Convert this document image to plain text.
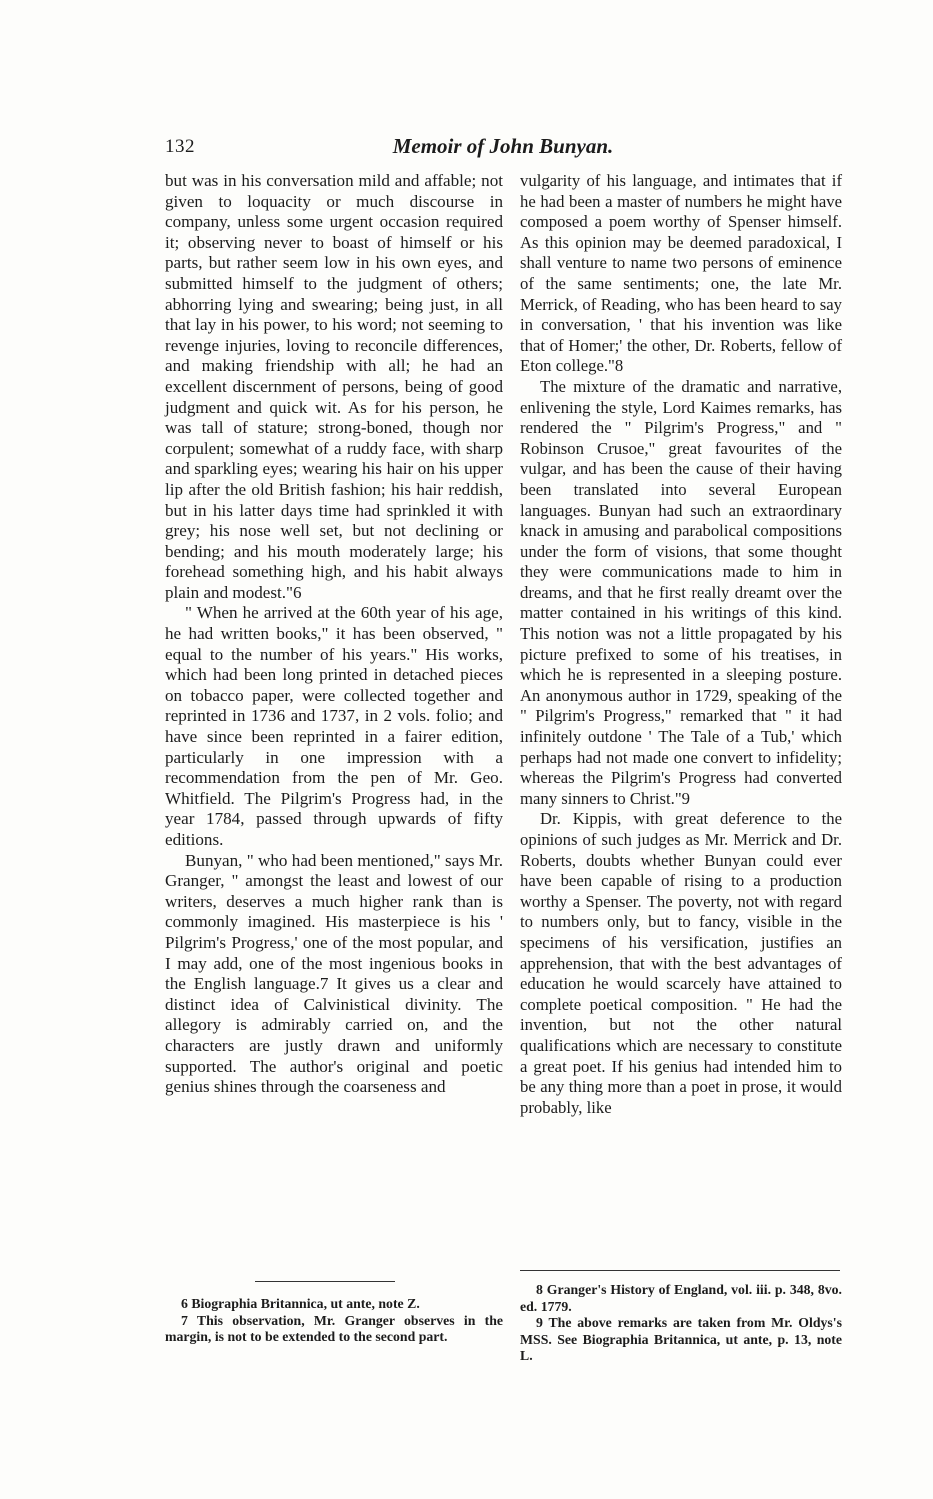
132	Memoir of John Bunyan.

but was in his conversation mild and affable; not given to loquacity or much discourse in company, unless some urgent occasion required it; observing never to boast of himself or his parts, but rather seem low in his own eyes, and submitted himself to the judgment of others; abhorring lying and swearing; being just, in all that lay in his power, to his word; not seeming to revenge injuries, loving to reconcile differences, and making friendship with all; he had an excellent discernment of persons, being of good judgment and quick wit. As for his person, he was tall of stature; strong-boned, though nor corpulent; somewhat of a ruddy face, with sharp and sparkling eyes; wearing his hair on his upper lip after the old British fashion; his hair reddish, but in his latter days time had sprinkled it with grey; his nose well set, but not declining or bending; and his mouth moderately large; his forehead something high, and his habit always plain and modest."6

" When he arrived at the 60th year of his age, he had written books," it has been observed, " equal to the number of his years." His works, which had been long printed in detached pieces on tobacco paper, were collected together and reprinted in 1736 and 1737, in 2 vols. folio; and have since been reprinted in a fairer edition, particularly in one impression with a recommendation from the pen of Mr. Geo. Whitfield. The Pilgrim's Progress had, in the year 1784, passed through upwards of fifty editions.

Bunyan, " who had been mentioned," says Mr. Granger, " amongst the least and lowest of our writers, deserves a much higher rank than is commonly imagined. His masterpiece is his ' Pilgrim's Progress,' one of the most popular, and I may add, one of the most ingenious books in the English language.7 It gives us a clear and distinct idea of Calvinistical divinity. The allegory is admirably carried on, and the characters are justly drawn and uniformly supported. The author's original and poetic genius shines through the coarseness and

vulgarity of his language, and intimates that if he had been a master of numbers he might have composed a poem worthy of Spenser himself. As this opinion may be deemed paradoxical, I shall venture to name two persons of eminence of the same sentiments; one, the late Mr. Merrick, of Reading, who has been heard to say in conversation, ' that his invention was like that of Homer;' the other, Dr. Roberts, fellow of Eton college."8

The mixture of the dramatic and narrative, enlivening the style, Lord Kaimes remarks, has rendered the " Pilgrim's Progress," and " Robinson Crusoe," great favourites of the vulgar, and has been the cause of their having been translated into several European languages. Bunyan had such an extraordinary knack in amusing and parabolical compositions under the form of visions, that some thought they were communications made to him in dreams, and that he first really dreamt over the matter contained in his writings of this kind. This notion was not a little propagated by his picture prefixed to some of his treatises, in which he is represented in a sleeping posture. An anonymous author in 1729, speaking of the " Pilgrim's Progress," remarked that " it had infinitely outdone ' The Tale of a Tub,' which perhaps had not made one convert to infidelity; whereas the Pilgrim's Progress had converted many sinners to Christ."9

Dr. Kippis, with great deference to the opinions of such judges as Mr. Merrick and Dr. Roberts, doubts whether Bunyan could ever have been capable of rising to a production worthy a Spenser. The poverty, not with regard to numbers only, but to fancy, visible in the specimens of his versification, justifies an apprehension, that with the best advantages of education he would scarcely have attained to complete poetical composition. " He had the invention, but not the other natural qualifications which are necessary to constitute a great poet. If his genius had intended him to be any thing more than a poet in prose, it would probably, like

6 Biographia Britannica, ut ante, note Z.

7 This observation, Mr. Granger observes in the margin, is not to be extended to the second part.

8 Granger's History of England, vol. iii. p. 348, 8vo. ed. 1779.

9 The above remarks are taken from Mr. Oldys's MSS. See Biographia Britannica, ut ante, p. 13, note L.
